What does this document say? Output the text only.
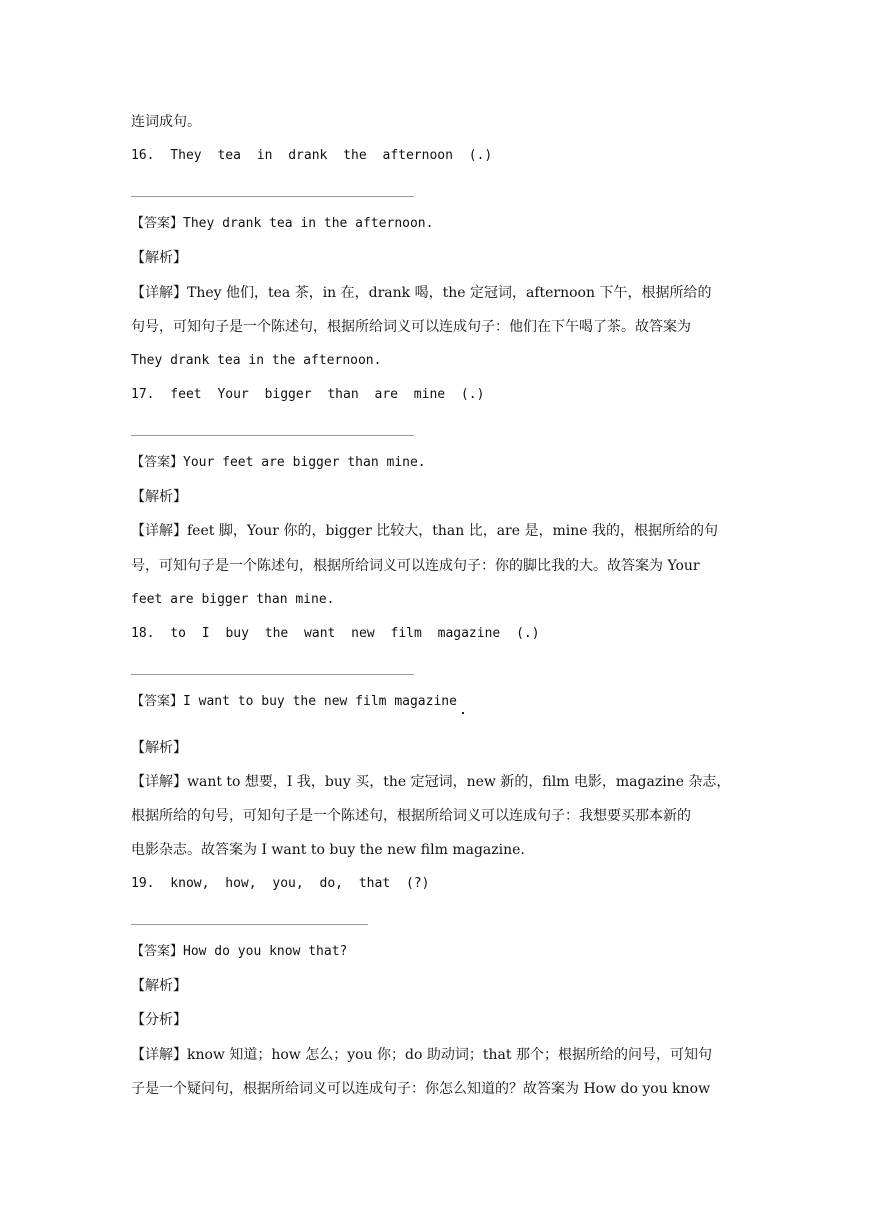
连词成句。

16. They tea in drank the afternoon (.)

【答案】They drank tea in the afternoon.

【解析】

【详解】They 他们，tea 茶，in 在，drank 喝，the 定冠词，afternoon 下午，根据所给的

句号，可知句子是一个陈述句，根据所给词义可以连成句子：他们在下午喝了茶。故答案为

They drank tea in the afternoon.

17. feet Your bigger than are mine (.)

【答案】Your feet are bigger than mine.

【解析】

【详解】feet 脚，Your 你的，bigger 比较大，than 比，are 是，mine 我的，根据所给的句

号，可知句子是一个陈述句，根据所给词义可以连成句子：你的脚比我的大。故答案为 Your

feet are bigger than mine.

18. to I buy the want new film magazine (.)

【答案】I want to buy the new film magazine

【解析】

【详解】want to 想要，I 我，buy 买，the 定冠词，new 新的，film 电影，magazine 杂志，

根据所给的句号，可知句子是一个陈述句，根据所给词义可以连成句子：我想要买那本新的

电影杂志。故答案为 I want to buy the new film magazine.

19. know, how, you, do, that (?)

【答案】How do you know that?

【解析】

【分析】

【详解】know 知道；how 怎么；you 你；do 助动词；that 那个；根据所给的问号，可知句

子是一个疑问句，根据所给词义可以连成句子：你怎么知道的？故答案为 How do you know
